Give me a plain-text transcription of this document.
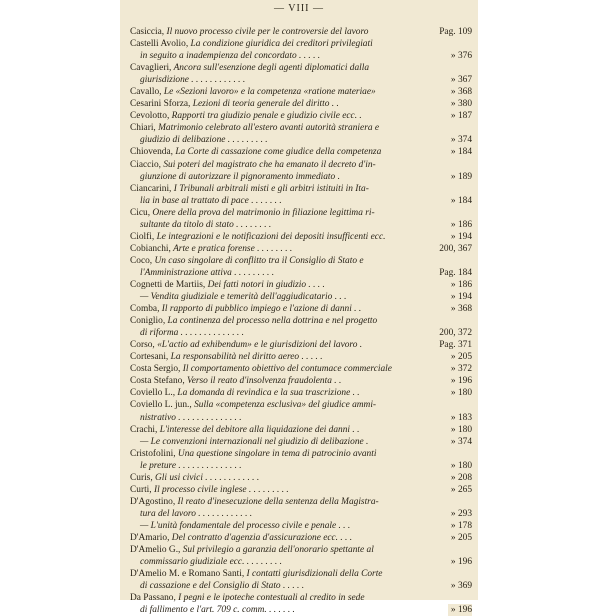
— VIII —
Casiccia, Il nuovo processo civile per le controversie del lavoro	Pag. 109
Castelli Avolio, La condizione giuridica dei creditori privilegiati
in seguito a inadempienza del concordato . . . . .	» 376
Cavaglieri, Ancora sull'esenzione degli agenti diplomatici dalla
giurisdizione . . . . . . . . . . . .	» 367
Cavallo, Le «Sezioni lavoro» e la competenza «ratione materiae»	» 368
Cesarini Sforza, Lezioni di teoria generale del diritto . .	» 380
Cevolotto, Rapporti tra giudizio penale e giudizio civile ecc. .	» 187
Chiari, Matrimonio celebrato all'estero avanti autorità straniera e
giudizio di delibazione . . . . . . . . .	» 374
Chiovenda, La Corte di cassazione come giudice della competenza	» 184
Ciaccio, Sui poteri del magistrato che ha emanato il decreto d'in-
giunzione di autorizzare il pignoramento immediato .	» 189
Ciancarini, I Tribunali arbitrali misti e gli arbitri istituiti in Ita-
lia in base al trattato di pace . . . . . . .	» 184
Cicu, Onere della prova del matrimonio in filiazione legittima ri-
sultante da titolo di stato . . . . . . . .	» 186
Ciolfi, Le integrazioni e le notificazioni dei depositi insufficenti ecc.	» 194
Cobianchi, Arte e pratica forense . . . . . . . .	200, 367
Coco, Un caso singolare di conflitto tra il Consiglio di Stato e
l'Amministrazione attiva . . . . . . . . .	Pag. 184
Cognetti de Martiis, Dei fatti notori in giudizio . . . .	» 186
— Vendita giudiziale e temerità dell'aggiudicatario . . .	» 194
Comba, Il rapporto di pubblico impiego e l'azione di danni . .	» 368
Coniglio, La continenza del processo nella dottrina e nel progetto
di riforma . . . . . . . . . . . . . .	200, 372
Corso, «L'actio ad exhibendum» e le giurisdizioni del lavoro .	Pag. 371
Cortesani, La responsabilità nel diritto aereo . . . . .	» 205
Costa Sergio, Il comportamento obiettivo del contumace commerciale	» 372
Costa Stefano, Verso il reato d'insolvenza fraudolenta . .	» 196
Coviello L., La domanda di revindica e la sua trascrizione . .	» 180
Coviello L. jun., Sulla «competenza esclusiva» del giudice ammi-
nistrativo . . . . . . . . . . . . . .	» 183
Crachi, L'interesse del debitore alla liquidazione dei danni . .	» 180
— Le convenzioni internazionali nel giudizio di delibazione .	» 374
Cristofolini, Una questione singolare in tema di patrocinio avanti
le preture . . . . . . . . . . . . . .	» 180
Curis, Gli usi civici . . . . . . . . . . . .	» 208
Curti, Il processo civile inglese . . . . . . . . .	» 265
D'Agostino, Il reato d'inesecuzione della sentenza della Magistra-
tura del lavoro . . . . . . . . . . . .	» 293
— L'unità fondamentale del processo civile e penale . . .	» 178
D'Amario, Del contratto d'agenzia d'assicurazione ecc. . . .	» 205
D'Amelio G., Sul privilegio a garanzia dell'onorario spettante al
commissario giudiziale ecc. . . . . . . . .	» 196
D'Amelio M. e Romano Santi, I contatti giurisdizionali della Corte
di cassazione e del Consiglio di Stato . . . . .	» 369
Da Passano, I pegni e le ipoteche contestuali al credito in sede
di fallimento e l'art. 709 c. comm. . . . . . .	» 196
